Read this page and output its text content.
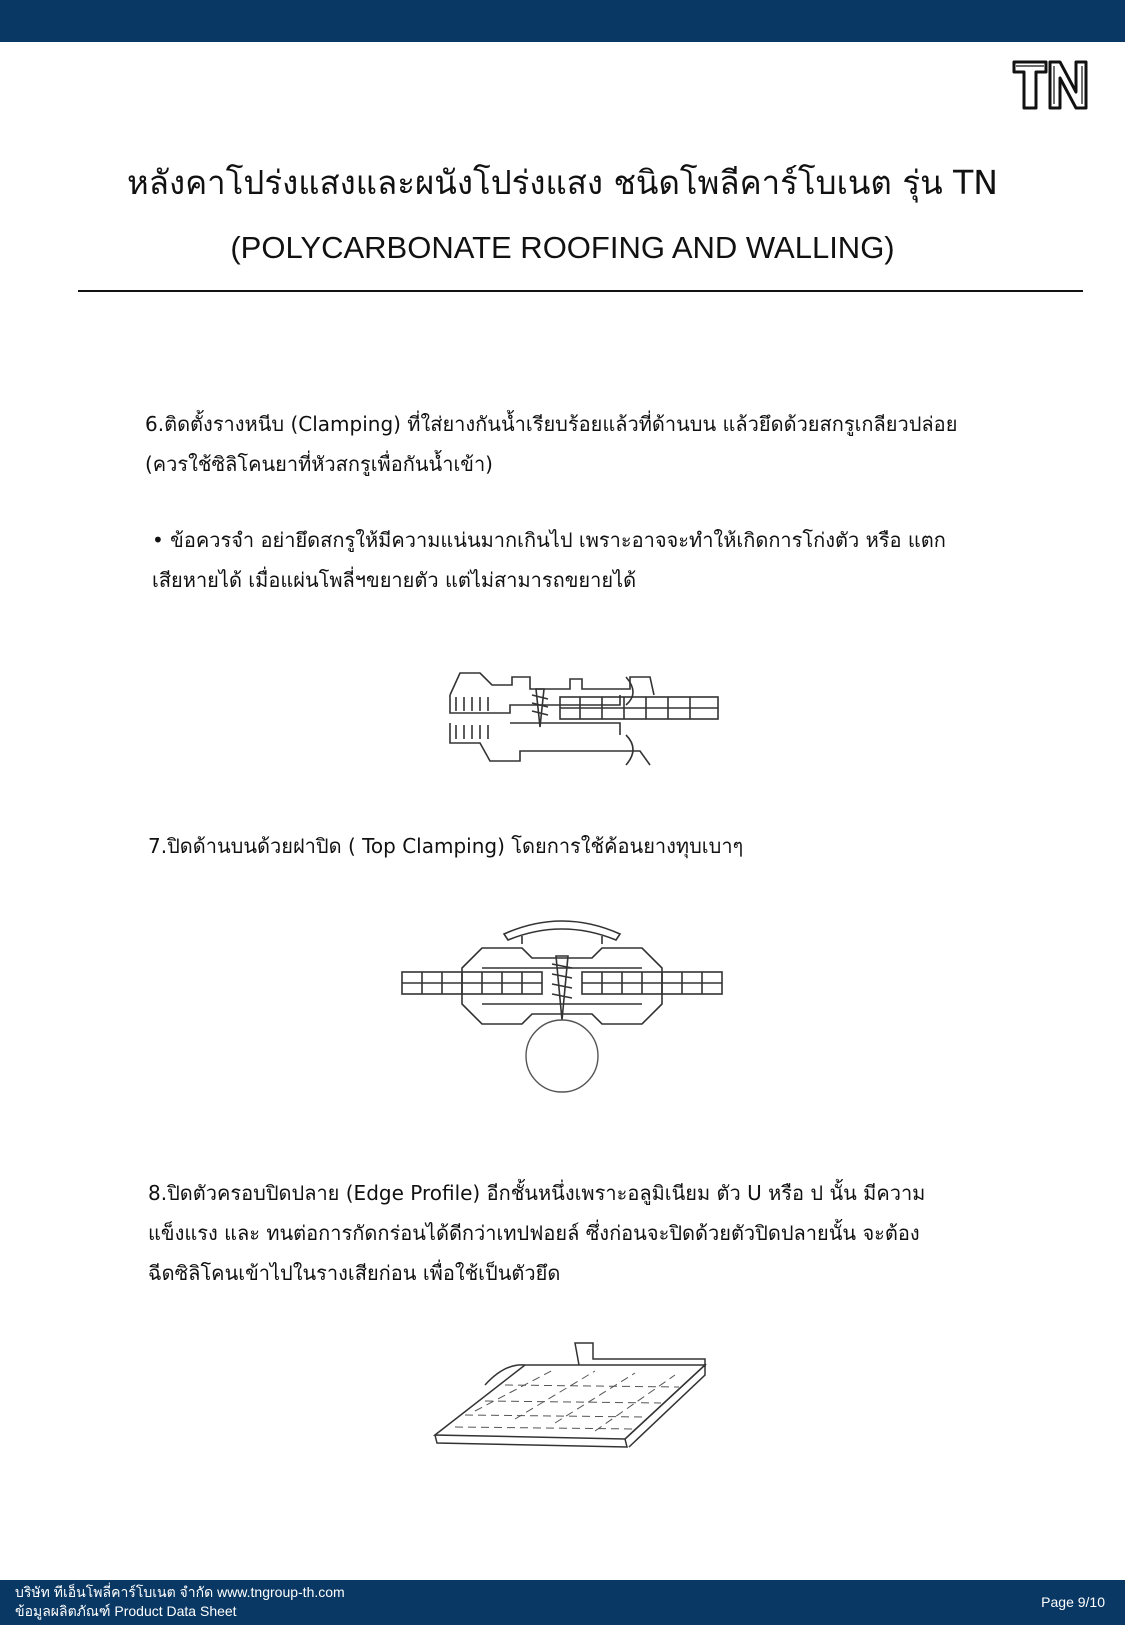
หลังคาโปร่งแสงและผนังโปร่งแสง ชนิดโพลีคาร์โบเนต รุ่น TN
(POLYCARBONATE ROOFING AND WALLING)
6.ติดตั้งรางหนีบ (Clamping) ที่ใส่ยางกันน้ำเรียบร้อยแล้วที่ด้านบน แล้วยึดด้วยสกรูเกลียวปล่อย
(ควรใช้ซิลิโคนยาที่หัวสกรูเพื่อกันน้ำเข้า)
• ข้อควรจำ อย่ายึดสกรูให้มีความแน่นมากเกินไป เพราะอาจจะทำให้เกิดการโก่งตัว หรือ แตก
เสียหายได้ เมื่อแผ่นโพลี่ฯขยายตัว แต่ไม่สามารถขยายได้
7.ปิดด้านบนด้วยฝาปิด ( Top Clamping) โดยการใช้ค้อนยางทุบเบาๆ
8.ปิดตัวครอบปิดปลาย (Edge Profile) อีกชั้นหนึ่งเพราะอลูมิเนียม ตัว U หรือ ป นั้น มีความ
แข็งแรง และ ทนต่อการกัดกร่อนได้ดีกว่าเทปฟอยล์ ซึ่งก่อนจะปิดด้วยตัวปิดปลายนั้น จะต้อง
ฉีดซิลิโคนเข้าไปในรางเสียก่อน เพื่อใช้เป็นตัวยึด
บริษัท ทีเอ็นโพลี่คาร์โบเนต จำกัด www.tngroup-th.com
ข้อมูลผลิตภัณฑ์ Product Data Sheet
Page 9/10
